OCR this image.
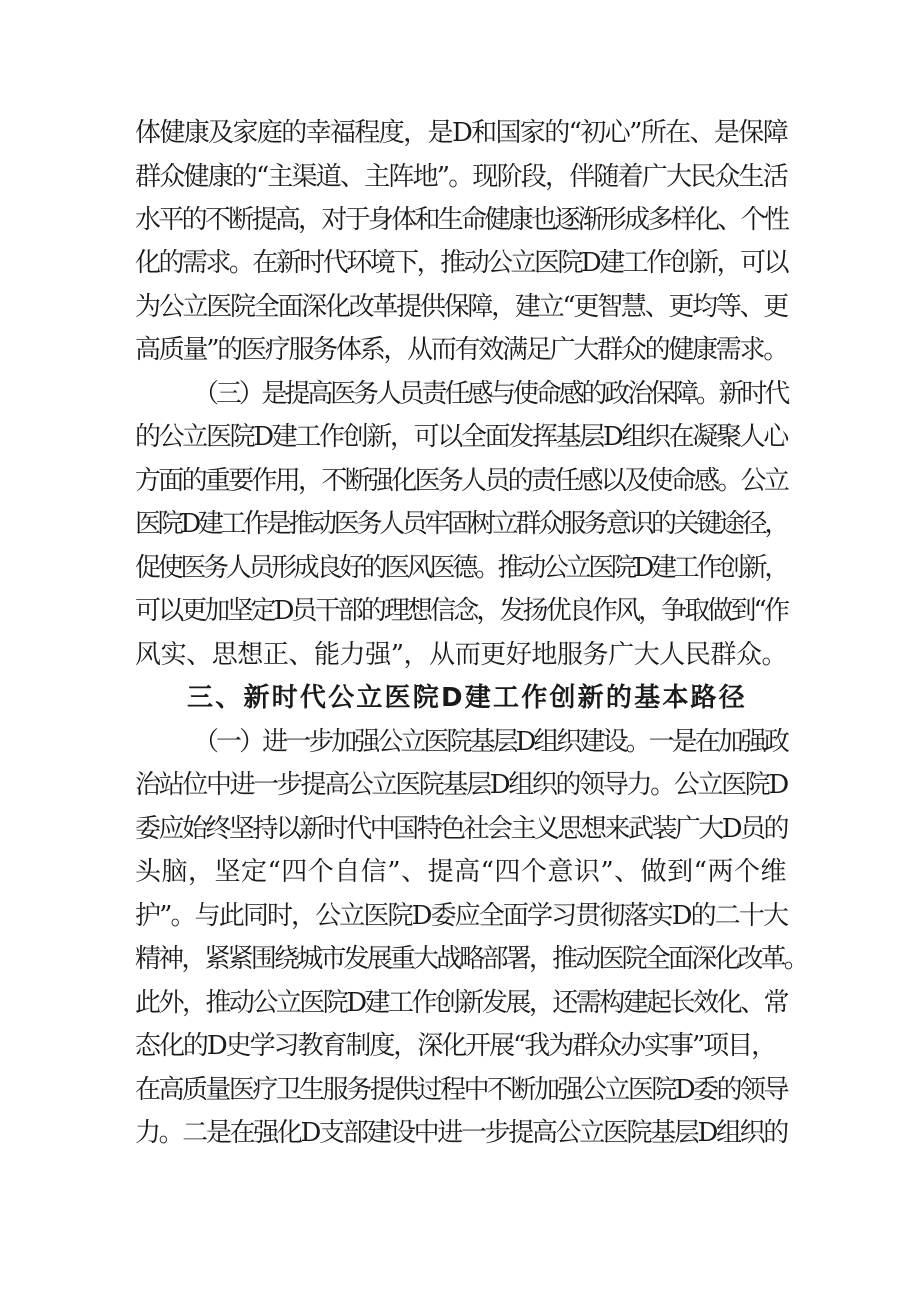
体健康及家庭的幸福程度，是D和国家的“初心”所在、是保障
群众健康的“主渠道、主阵地”。现阶段，伴随着广大民众生活
水平的不断提高，对于身体和生命健康也逐渐形成多样化、个性
化的需求。在新时代环境下，推动公立医院D建工作创新，可以
为公立医院全面深化改革提供保障，建立“更智慧、更均等、更
高质量”的医疗服务体系，从而有效满足广大群众的健康需求。
（三）是提高医务人员责任感与使命感的政治保障。新时代
的公立医院D建工作创新，可以全面发挥基层D组织在凝聚人心
方面的重要作用，不断强化医务人员的责任感以及使命感。公立
医院D建工作是推动医务人员牢固树立群众服务意识的关键途径，
促使医务人员形成良好的医风医德。推动公立医院D建工作创新，
可以更加坚定D员干部的理想信念，发扬优良作风，争取做到“作
风实、思想正、能力强”，从而更好地服务广大人民群众。
三、新时代公立医院D建工作创新的基本路径
（一）进一步加强公立医院基层D组织建设。一是在加强政
治站位中进一步提高公立医院基层D组织的领导力。公立医院D
委应始终坚持以新时代中国特色社会主义思想来武装广大D员的
头脑，坚定“四个自信”、提高“四个意识”、做到“两个维
护”。与此同时，公立医院D委应全面学习贯彻落实D的二十大
精神，紧紧围绕城市发展重大战略部署，推动医院全面深化改革。
此外，推动公立医院D建工作创新发展，还需构建起长效化、常
态化的D史学习教育制度，深化开展“我为群众办实事”项目，
在高质量医疗卫生服务提供过程中不断加强公立医院D委的领导
力。二是在强化D支部建设中进一步提高公立医院基层D组织的
